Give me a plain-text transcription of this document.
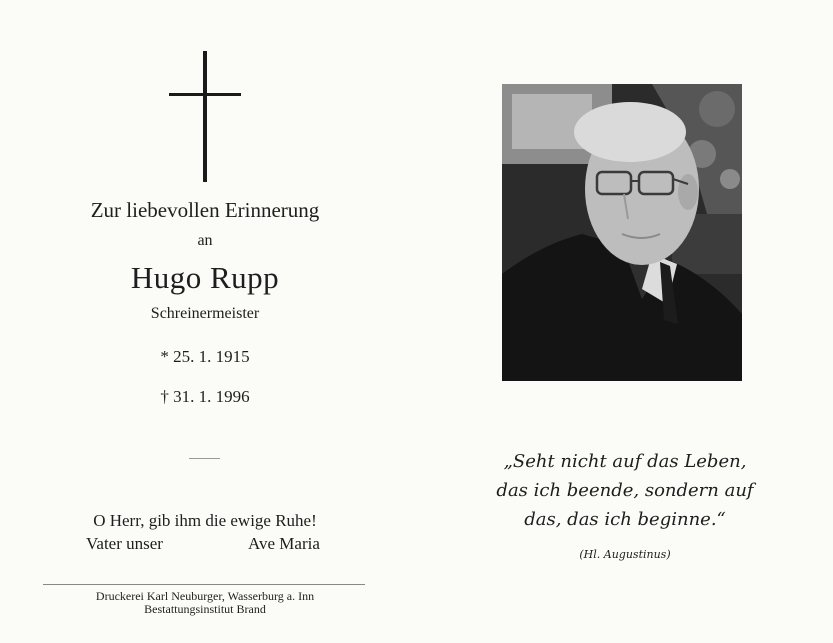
Zur liebevollen Erinnerung
an
Hugo Rupp
Schreinermeister
* 25. 1. 1915
† 31. 1. 1996
O Herr, gib ihm die ewige Ruhe!
Vater unser	Ave Maria
Druckerei Karl Neuburger, Wasserburg a. Inn
Bestattungsinstitut Brand
„Seht nicht auf das Leben,
das ich beende, sondern auf
das, das ich beginne.“
(Hl. Augustinus)
